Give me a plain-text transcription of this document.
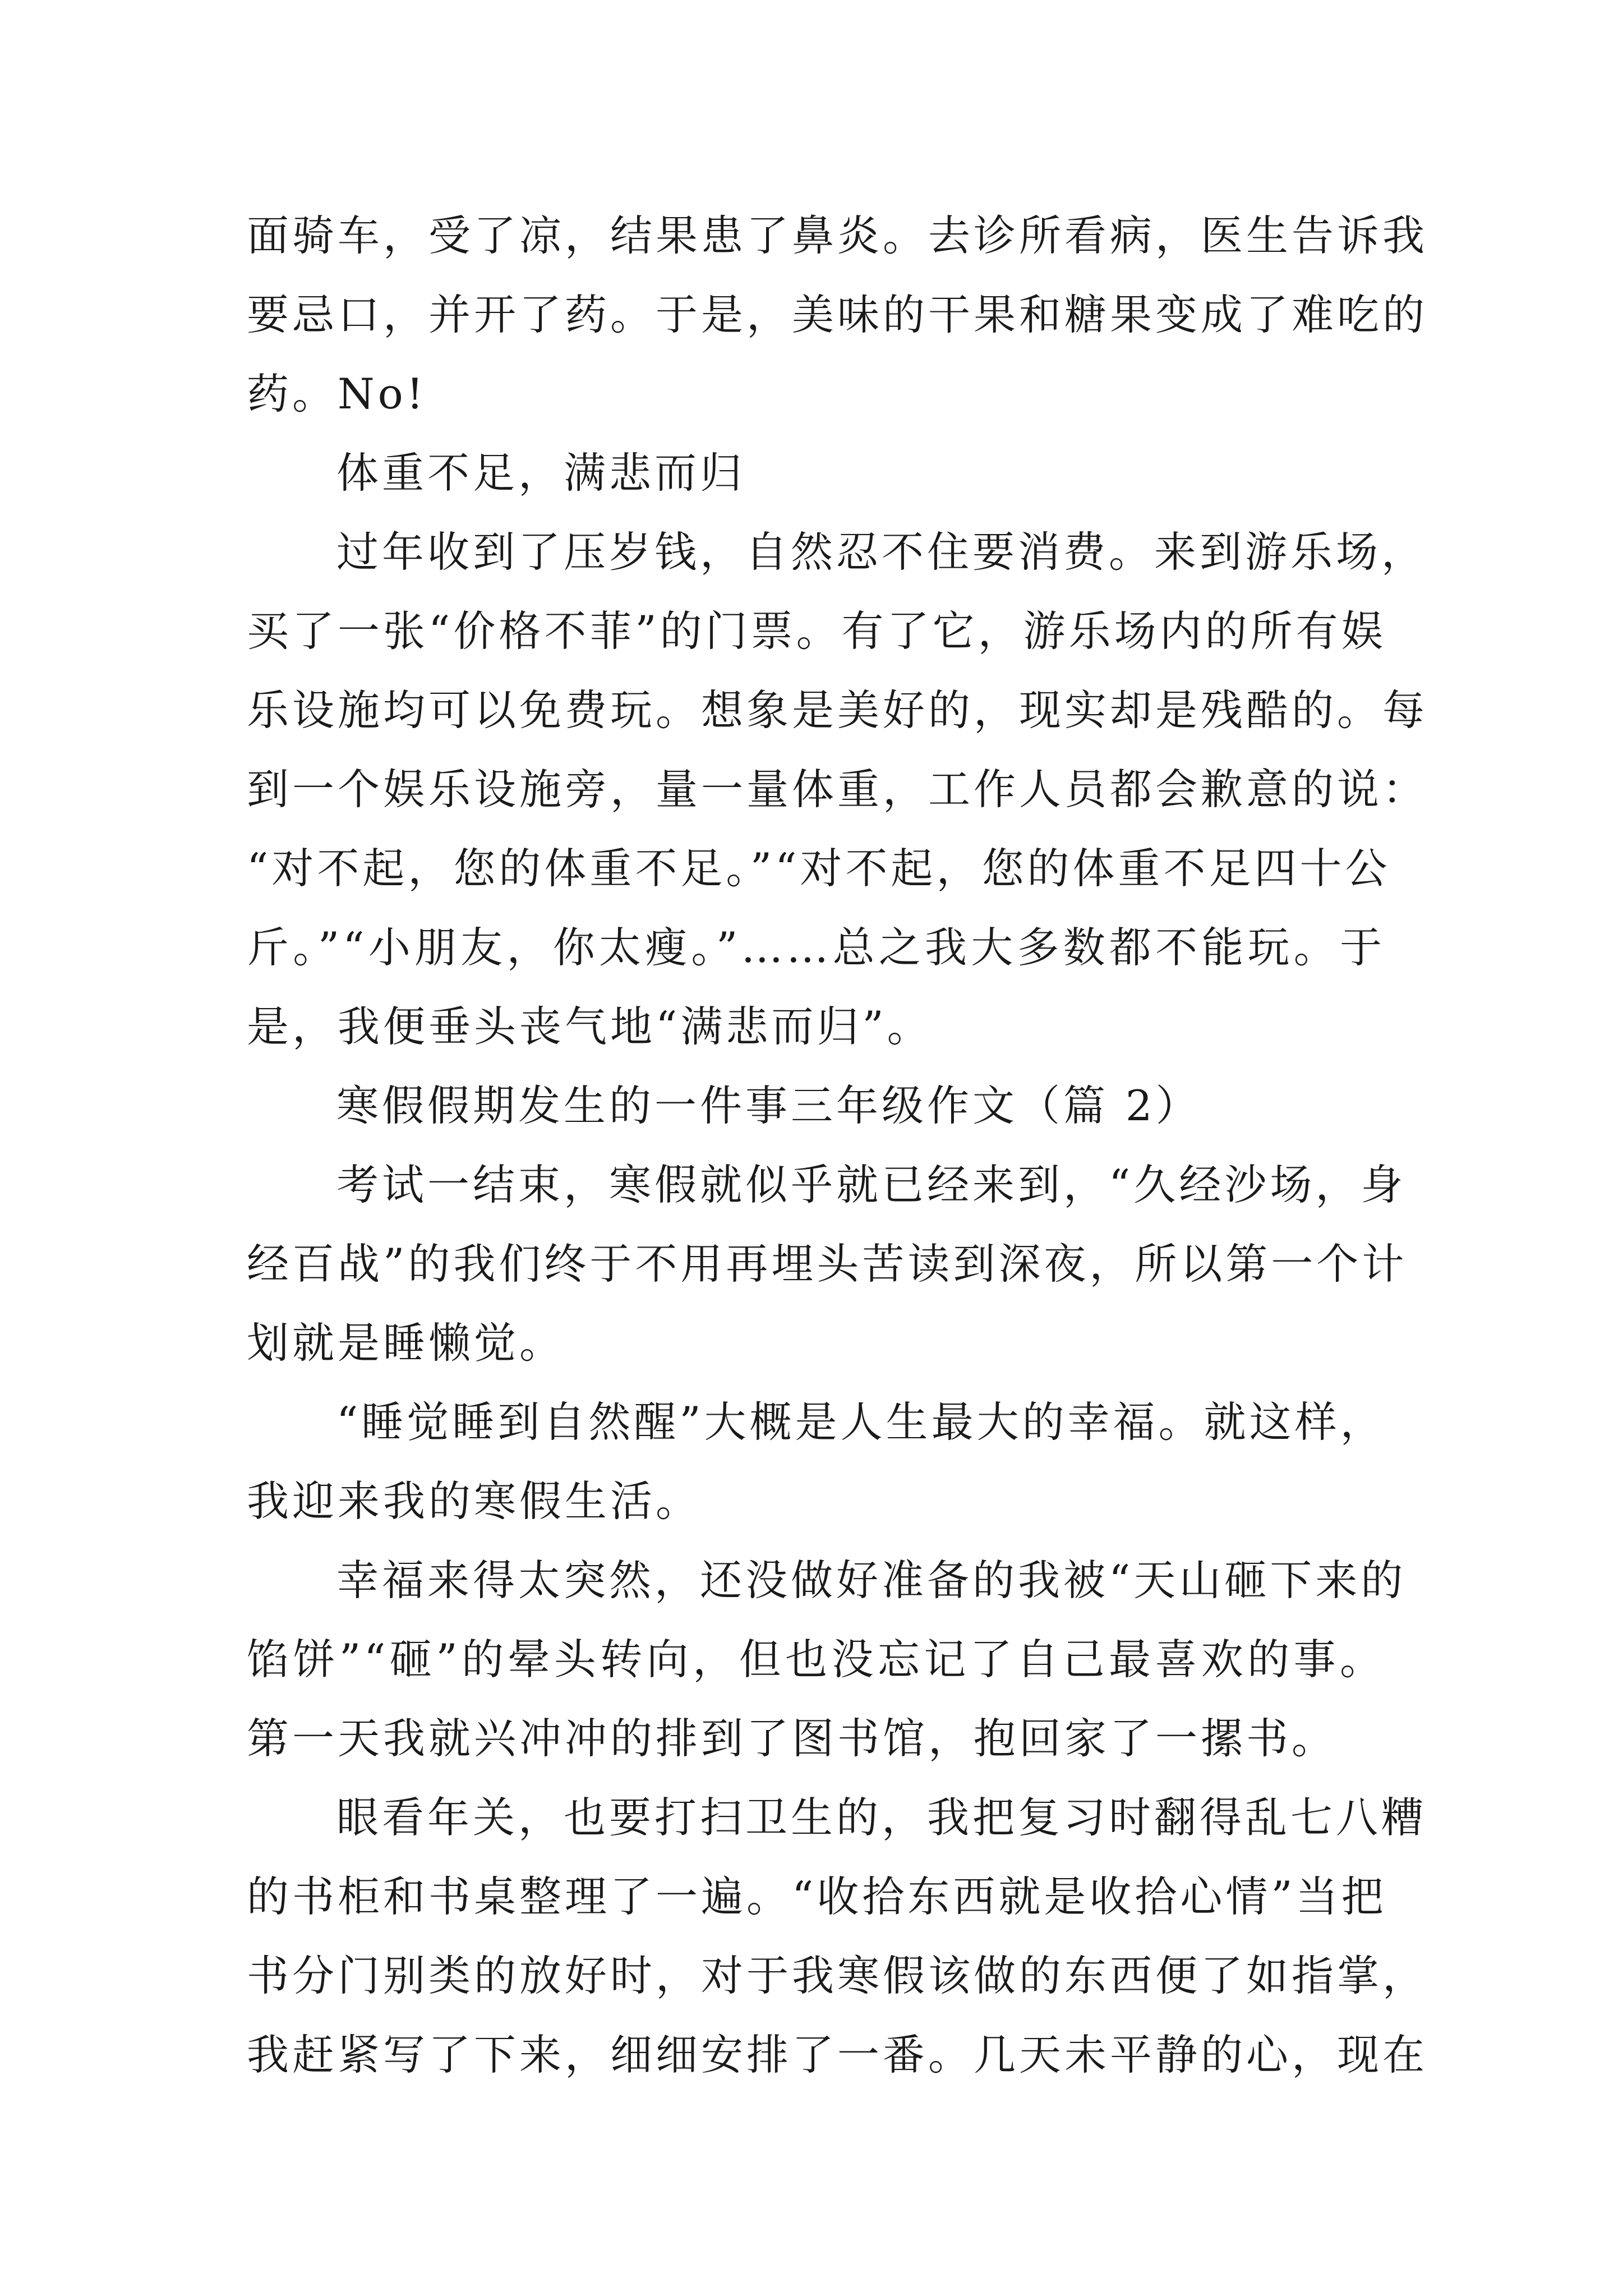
面骑车，受了凉，结果患了鼻炎。去诊所看病，医生告诉我
要忌口，并开了药。于是，美味的干果和糖果变成了难吃的
药。No!
体重不足，满悲而归
过年收到了压岁钱，自然忍不住要消费。来到游乐场，
买了一张“价格不菲”的门票。有了它，游乐场内的所有娱
乐设施均可以免费玩。想象是美好的，现实却是残酷的。每
到一个娱乐设施旁，量一量体重，工作人员都会歉意的说：
“对不起，您的体重不足。”“对不起，您的体重不足四十公
斤。”“小朋友，你太瘦。”……总之我大多数都不能玩。于
是，我便垂头丧气地“满悲而归”。
寒假假期发生的一件事三年级作文（篇 2）
考试一结束，寒假就似乎就已经来到，“久经沙场，身
经百战”的我们终于不用再埋头苦读到深夜，所以第一个计
划就是睡懒觉。
“睡觉睡到自然醒”大概是人生最大的幸福。就这样，
我迎来我的寒假生活。
幸福来得太突然，还没做好准备的我被“天山砸下来的
馅饼”“砸”的晕头转向，但也没忘记了自己最喜欢的事。
第一天我就兴冲冲的排到了图书馆，抱回家了一摞书。
眼看年关，也要打扫卫生的，我把复习时翻得乱七八糟
的书柜和书桌整理了一遍。“收拾东西就是收拾心情”当把
书分门别类的放好时，对于我寒假该做的东西便了如指掌，
我赶紧写了下来，细细安排了一番。几天未平静的心，现在
